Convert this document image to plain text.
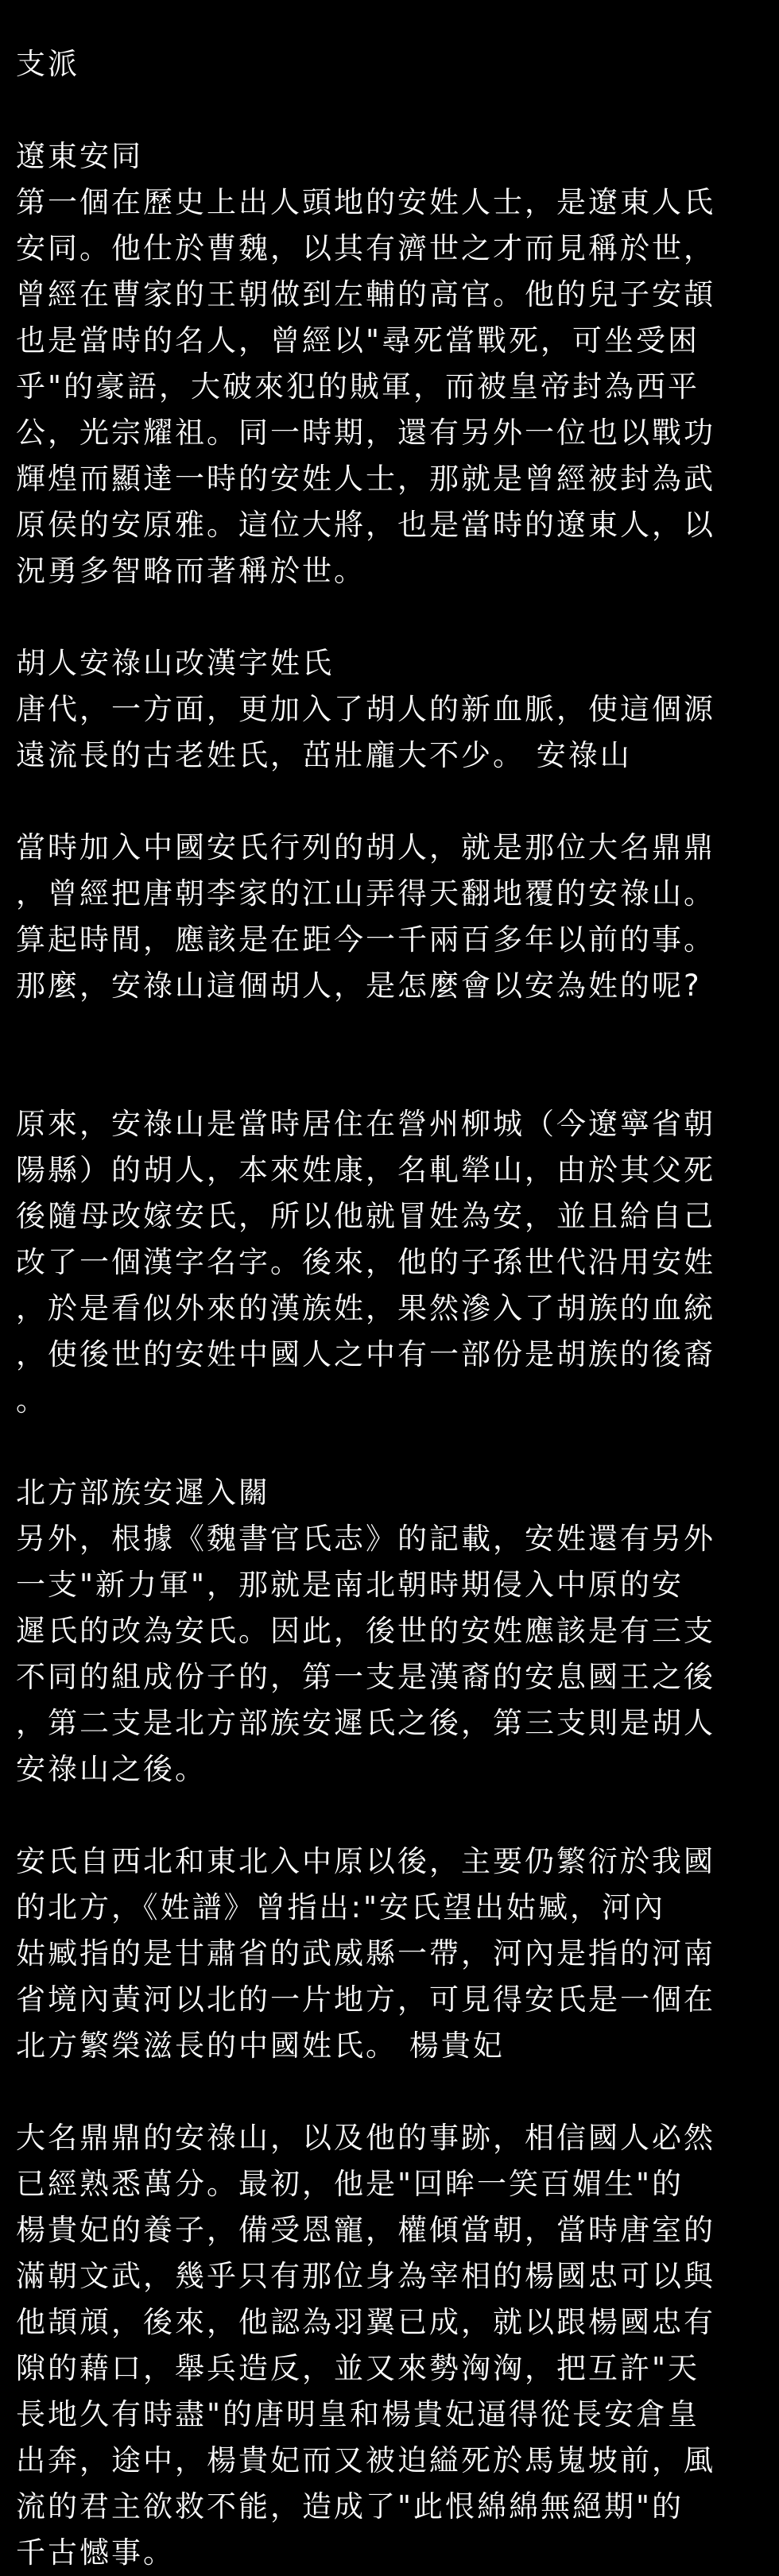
支派
遼東安同
第一個在歷史上出人頭地的安姓人士，是遼東人氏
安同。他仕於曹魏，以其有濟世之才而見稱於世，
曾經在曹家的王朝做到左輔的高官。他的兒子安頡
也是當時的名人，曾經以"尋死當戰死，可坐受困
乎"的豪語，大破來犯的賊軍，而被皇帝封為西平
公，光宗耀祖。同一時期，還有另外一位也以戰功
輝煌而顯達一時的安姓人士，那就是曾經被封為武
原侯的安原雅。這位大將，也是當時的遼東人，以
況勇多智略而著稱於世。
胡人安祿山改漢字姓氏
唐代，一方面，更加入了胡人的新血脈，使這個源
遠流長的古老姓氏，茁壯龐大不少。 安祿山
當時加入中國安氏行列的胡人，就是那位大名鼎鼎
，曾經把唐朝李家的江山弄得天翻地覆的安祿山。
算起時間，應該是在距今一千兩百多年以前的事。
那麼，安祿山這個胡人，是怎麼會以安為姓的呢?
原來，安祿山是當時居住在營州柳城（今遼寧省朝
陽縣）的胡人，本來姓康，名軋犖山，由於其父死
後隨母改嫁安氏，所以他就冒姓為安，並且給自己
改了一個漢字名字。後來，他的子孫世代沿用安姓
，於是看似外來的漢族姓，果然滲入了胡族的血統
，使後世的安姓中國人之中有一部份是胡族的後裔
。
北方部族安遲入關
另外，根據《魏書官氏志》的記載，安姓還有另外
一支"新力軍"，那就是南北朝時期侵入中原的安
遲氏的改為安氏。因此，後世的安姓應該是有三支
不同的組成份子的，第一支是漢裔的安息國王之後
，第二支是北方部族安遲氏之後，第三支則是胡人
安祿山之後。
安氏自西北和東北入中原以後，主要仍繁衍於我國
的北方，《姓譜》曾指出:"安氏望出姑臧，河內
姑臧指的是甘肅省的武威縣一帶，河內是指的河南
省境內黃河以北的一片地方，可見得安氏是一個在
北方繁榮滋長的中國姓氏。 楊貴妃
大名鼎鼎的安祿山，以及他的事跡，相信國人必然
已經熟悉萬分。最初，他是"回眸一笑百媚生"的
楊貴妃的養子，備受恩寵，權傾當朝，當時唐室的
滿朝文武，幾乎只有那位身為宰相的楊國忠可以與
他頡頏，後來，他認為羽翼已成，就以跟楊國忠有
隙的藉口，舉兵造反，並又來勢洶洶，把互許"天
長地久有時盡"的唐明皇和楊貴妃逼得從長安倉皇
出奔，途中，楊貴妃而又被迫縊死於馬嵬坡前，風
流的君主欲救不能，造成了"此恨綿綿無絕期"的
千古憾事。
